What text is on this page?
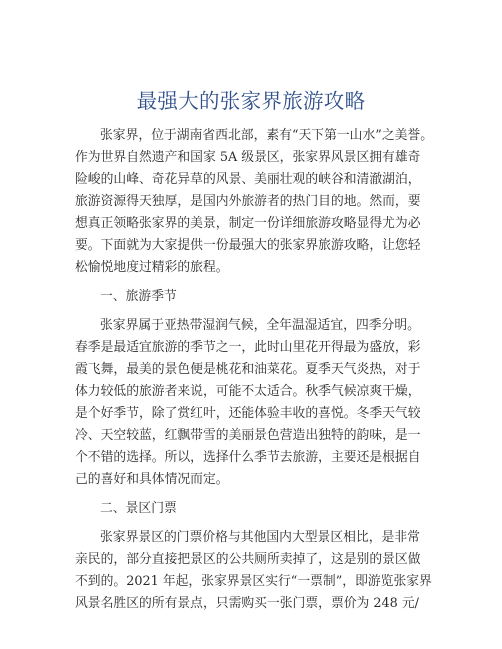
最强大的张家界旅游攻略
张家界，位于湖南省西北部，素有“天下第一山水”之美誉。
作为世界自然遗产和国家 5A 级景区，张家界风景区拥有雄奇
险峻的山峰、奇花异草的风景、美丽壮观的峡谷和清澈湖泊，
旅游资源得天独厚，是国内外旅游者的热门目的地。然而，要
想真正领略张家界的美景，制定一份详细旅游攻略显得尤为必
要。下面就为大家提供一份最强大的张家界旅游攻略，让您轻
松愉悦地度过精彩的旅程。
一、旅游季节
张家界属于亚热带湿润气候，全年温湿适宜，四季分明。
春季是最适宜旅游的季节之一，此时山里花开得最为盛放，彩
霞飞舞，最美的景色便是桃花和油菜花。夏季天气炎热，对于
体力较低的旅游者来说，可能不太适合。秋季气候凉爽干燥，
是个好季节，除了赏红叶，还能体验丰收的喜悦。冬季天气较
冷、天空较蓝，红飘带雪的美丽景色营造出独特的韵味，是一
个不错的选择。所以，选择什么季节去旅游，主要还是根据自
己的喜好和具体情况而定。
二、景区门票
张家界景区的门票价格与其他国内大型景区相比，是非常
亲民的，部分直接把景区的公共厕所卖掉了，这是别的景区做
不到的。2021 年起，张家界景区实行“一票制”，即游览张家界
风景名胜区的所有景点，只需购买一张门票，票价为 248 元/
